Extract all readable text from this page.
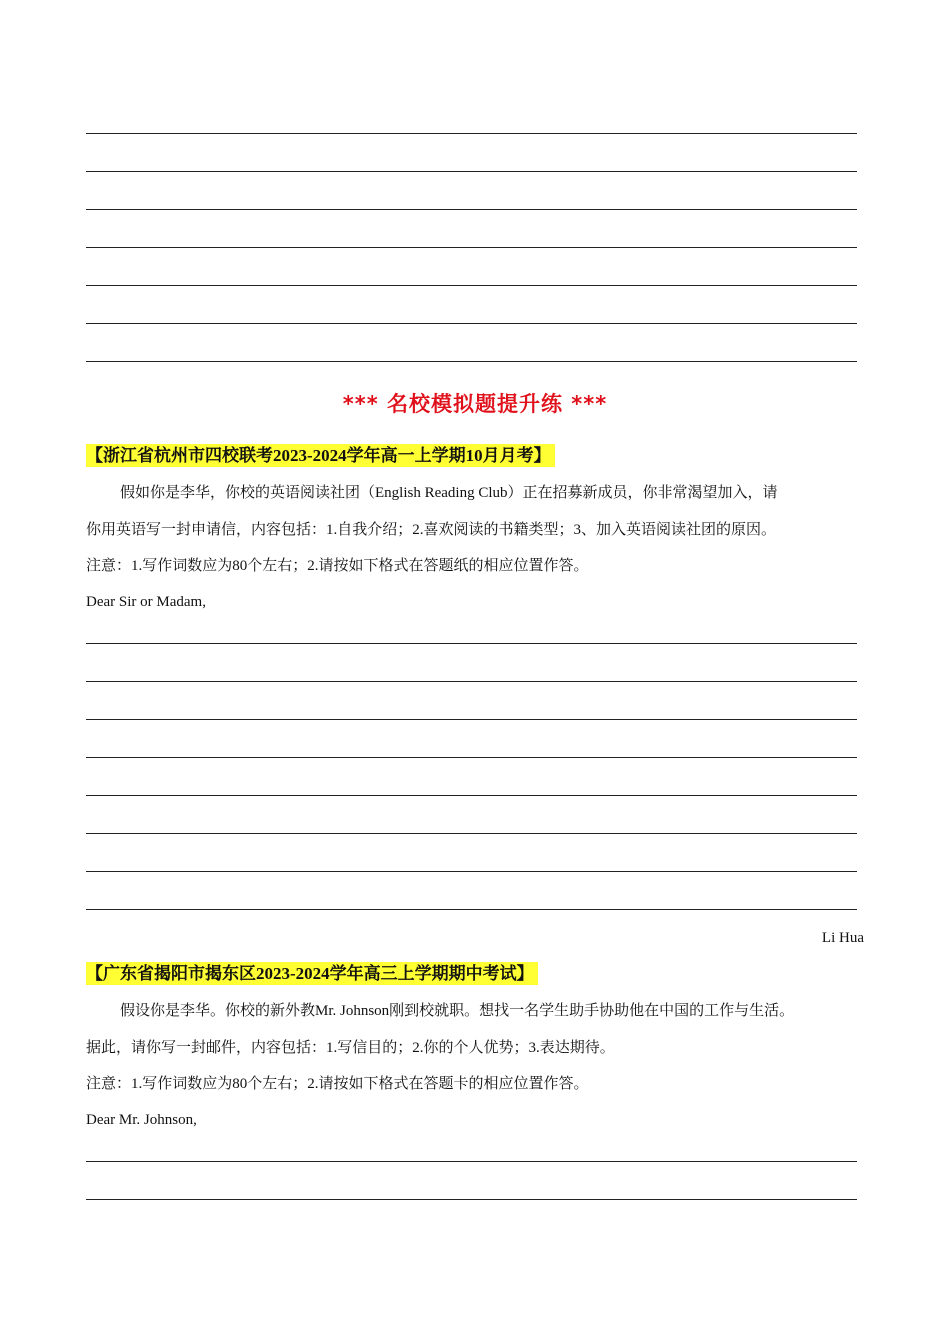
*** 名校模拟题提升练 ***
【浙江省杭州市四校联考2023-2024学年高一上学期10月月考】
假如你是李华，你校的英语阅读社团（English Reading Club）正在招募新成员，你非常渴望加入，请
你用英语写一封申请信，内容包括：1.自我介绍；2.喜欢阅读的书籍类型；3、加入英语阅读社团的原因。
注意：1.写作词数应为80个左右；2.请按如下格式在答题纸的相应位置作答。
Dear Sir or Madam,
Li Hua
【广东省揭阳市揭东区2023-2024学年高三上学期期中考试】
假设你是李华。你校的新外教Mr. Johnson刚到校就职。想找一名学生助手协助他在中国的工作与生活。
据此，请你写一封邮件，内容包括：1.写信目的；2.你的个人优势；3.表达期待。
注意：1.写作词数应为80个左右；2.请按如下格式在答题卡的相应位置作答。
Dear Mr. Johnson,
